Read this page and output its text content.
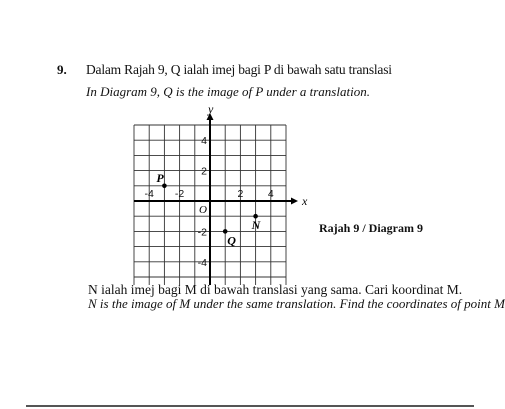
9. Dalam Rajah 9, Q ialah imej bagi P di bawah satu translasi
In Diagram 9, Q is the image of P under a translation.
x
y
O
-4 -2	2 4
4
2
-2
-4
P
Q
N	Rajah 9 / Diagram 9
N ialah imej bagi M di bawah translasi yang sama. Cari koordinat M.
N is the image of M under the same translation. Find the coordinates of point M
